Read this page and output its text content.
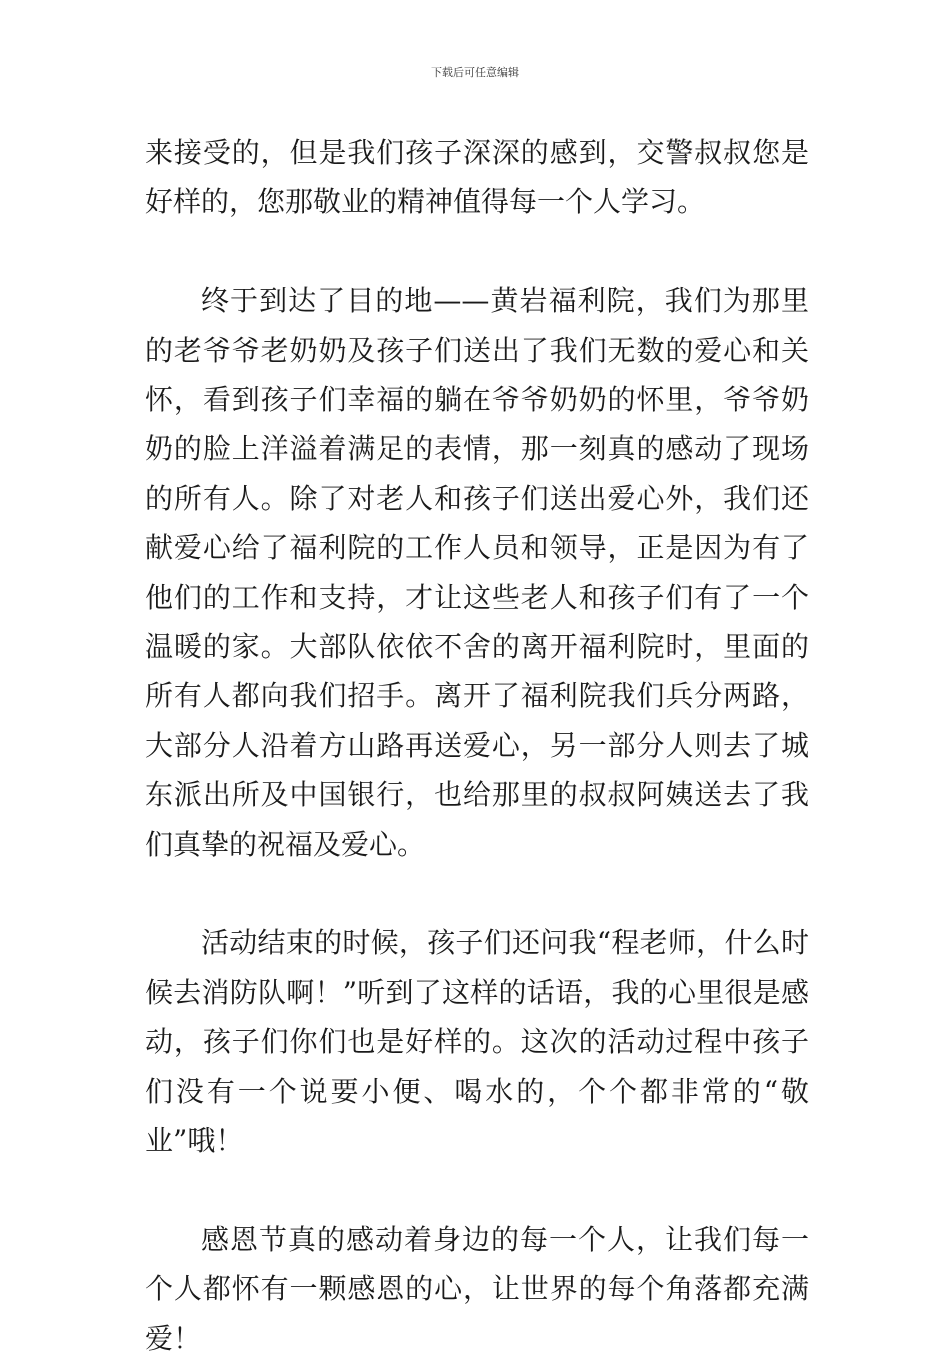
下载后可任意编辑

来接受的，但是我们孩子深深的感到，交警叔叔您是好样的，您那敬业的精神值得每一个人学习。

终于到达了目的地——黄岩福利院，我们为那里的老爷爷老奶奶及孩子们送出了我们无数的爱心和关怀，看到孩子们幸福的躺在爷爷奶奶的怀里，爷爷奶奶的脸上洋溢着满足的表情，那一刻真的感动了现场的所有人。除了对老人和孩子们送出爱心外，我们还献爱心给了福利院的工作人员和领导，正是因为有了他们的工作和支持，才让这些老人和孩子们有了一个温暖的家。大部队依依不舍的离开福利院时，里面的所有人都向我们招手。离开了福利院我们兵分两路，大部分人沿着方山路再送爱心，另一部分人则去了城东派出所及中国银行，也给那里的叔叔阿姨送去了我们真挚的祝福及爱心。

活动结束的时候，孩子们还问我“程老师，什么时候去消防队啊！”听到了这样的话语，我的心里很是感动，孩子们你们也是好样的。这次的活动过程中孩子们没有一个说要小便、喝水的，个个都非常的“敬业”哦！

感恩节真的感动着身边的每一个人，让我们每一个人都怀有一颗感恩的心，让世界的每个角落都充满爱！
